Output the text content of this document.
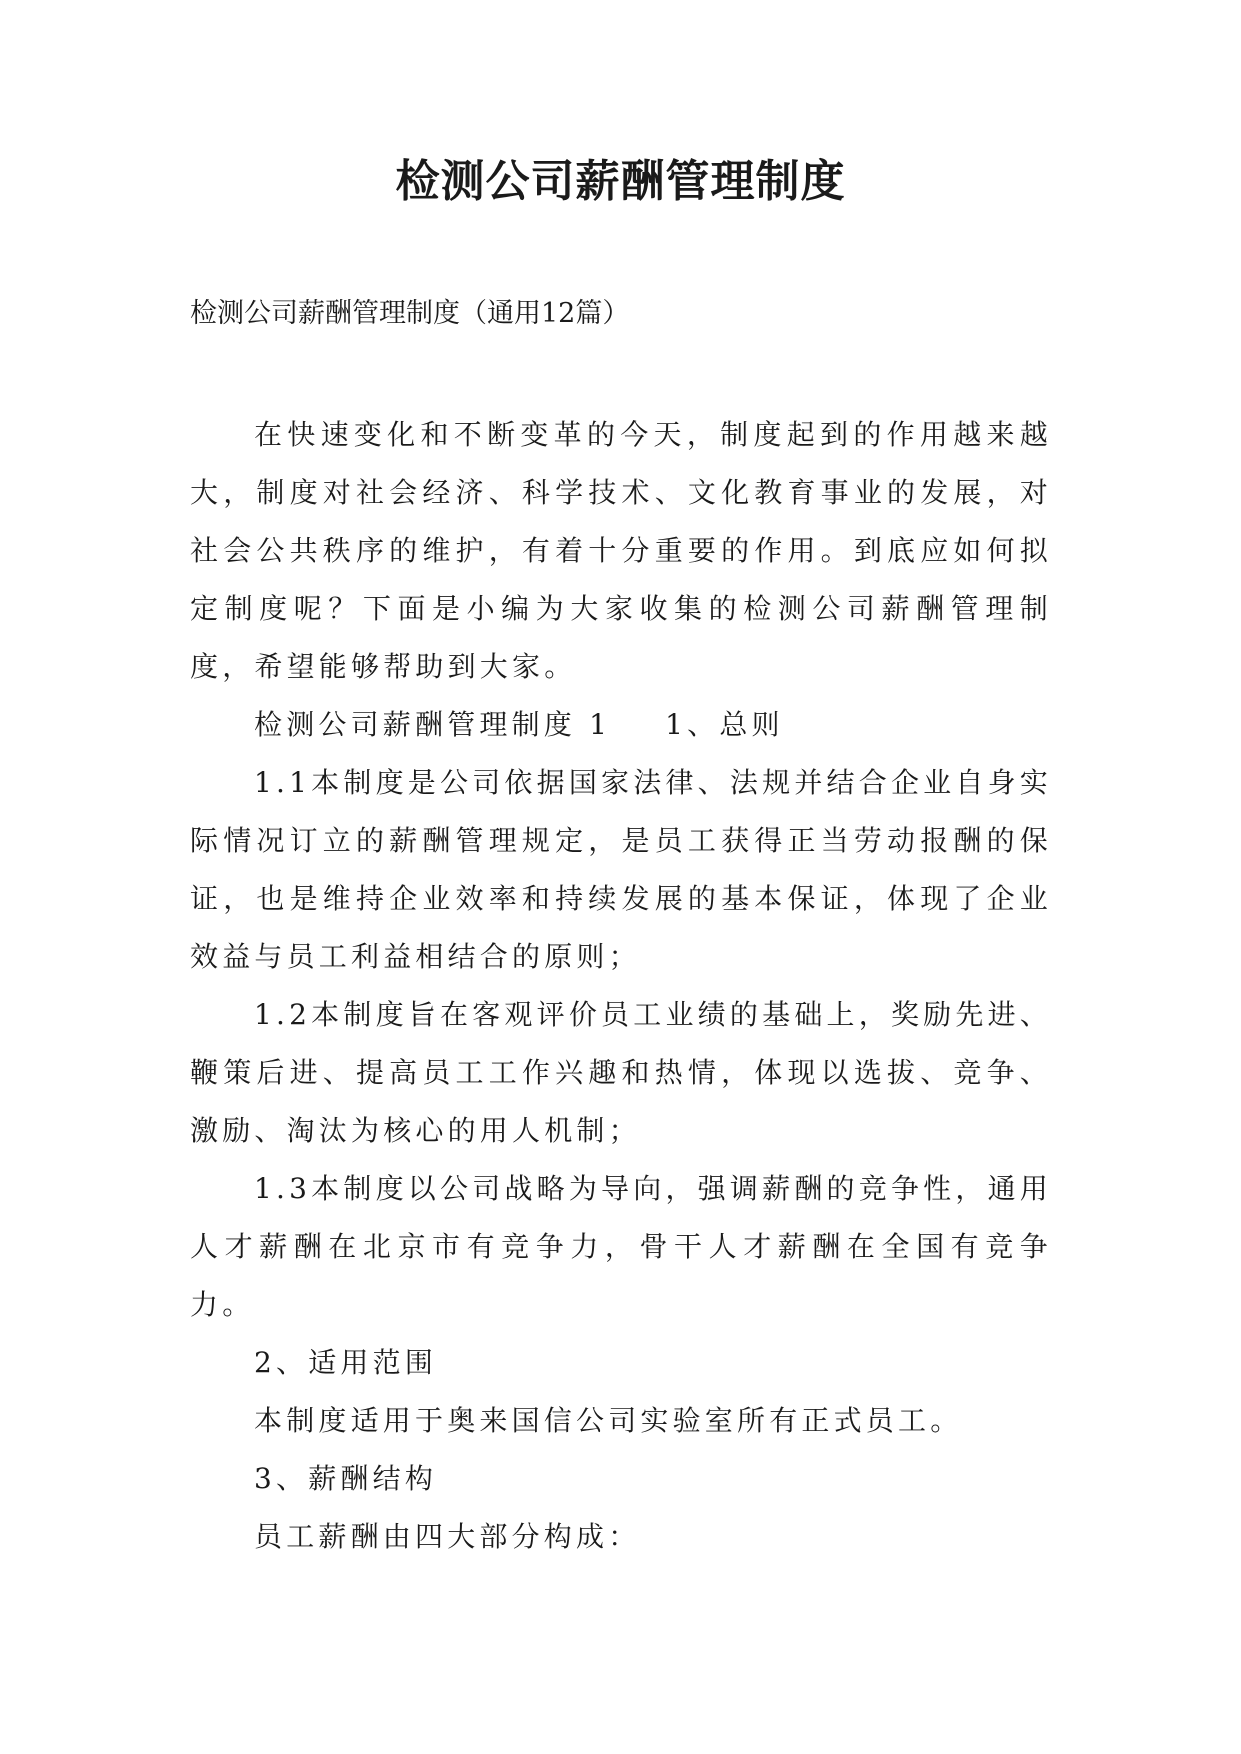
检测公司薪酬管理制度

检测公司薪酬管理制度（通用12篇）

在快速变化和不断变革的今天，制度起到的作用越来越大，制度对社会经济、科学技术、文化教育事业的发展，对社会公共秩序的维护，有着十分重要的作用。到底应如何拟定制度呢？下面是小编为大家收集的检测公司薪酬管理制度，希望能够帮助到大家。

检测公司薪酬管理制度 1 1、总则

1.1本制度是公司依据国家法律、法规并结合企业自身实际情况订立的薪酬管理规定，是员工获得正当劳动报酬的保证，也是维持企业效率和持续发展的基本保证，体现了企业效益与员工利益相结合的原则；

1.2本制度旨在客观评价员工业绩的基础上，奖励先进、鞭策后进、提高员工工作兴趣和热情，体现以选拔、竞争、激励、淘汰为核心的用人机制；

1.3本制度以公司战略为导向，强调薪酬的竞争性，通用人才薪酬在北京市有竞争力，骨干人才薪酬在全国有竞争力。

2、适用范围

本制度适用于奥来国信公司实验室所有正式员工。

3、薪酬结构

员工薪酬由四大部分构成：
